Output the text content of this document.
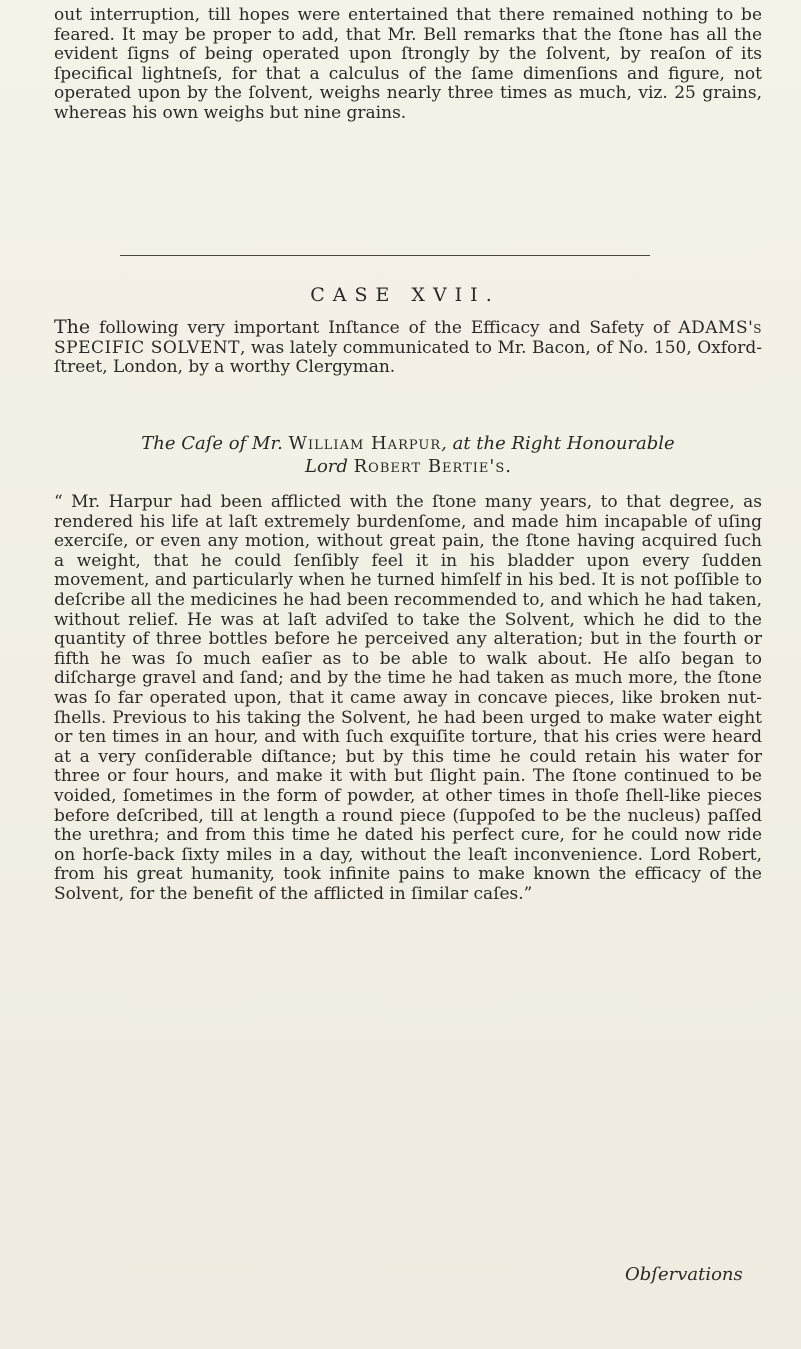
out interruption, till hopes were entertained that there remained nothing to be feared. It may be proper to add, that Mr. Bell remarks that the ſtone has all the evident ſigns of being operated upon ſtrongly by the ſolvent, by reaſon of its ſpecifical lightneſs, for that a calculus of the ſame dimenſions and figure, not operated upon by the ſolvent, weighs nearly three times as much, viz. 25 grains, whereas his own weighs but nine grains.

CASE XVII.

The following very important Inſtance of the Efficacy and Safety of ADAMS's SPECIFIC SOLVENT, was lately communicated to Mr. Bacon, of No. 150, Oxford-ſtreet, London, by a worthy Clergyman.

The Caſe of Mr. William Harpur, at the Right Honourable
Lord Robert Bertie's.

“ Mr. Harpur had been afflicted with the ſtone many years, to that degree, as rendered his life at laſt extremely burdenſome, and made him incapable of uſing exerciſe, or even any motion, without great pain, the ſtone having acquired ſuch a weight, that he could ſenſibly feel it in his bladder upon every ſudden movement, and particularly when he turned himſelf in his bed. It is not poſſible to deſcribe all the medicines he had been recommended to, and which he had taken, without relief. He was at laſt adviſed to take the Solvent, which he did to the quantity of three bottles before he perceived any alteration; but in the fourth or fifth he was ſo much eaſier as to be able to walk about. He alſo began to diſcharge gravel and ſand; and by the time he had taken as much more, the ſtone was ſo far operated upon, that it came away in concave pieces, like broken nut-ſhells. Previous to his taking the Solvent, he had been urged to make water eight or ten times in an hour, and with ſuch exquiſite torture, that his cries were heard at a very conſiderable diſtance; but by this time he could retain his water for three or four hours, and make it with but ſlight pain. The ſtone continued to be voided, ſometimes in the form of powder, at other times in thoſe ſhell-like pieces before deſcribed, till at length a round piece (ſuppoſed to be the nucleus) paſſed the urethra; and from this time he dated his perfect cure, for he could now ride on horſe-back ſixty miles in a day, without the leaſt inconvenience. Lord Robert, from his great humanity, took infinite pains to make known the efficacy of the Solvent, for the benefit of the afflicted in ſimilar caſes.”

Obſervations
